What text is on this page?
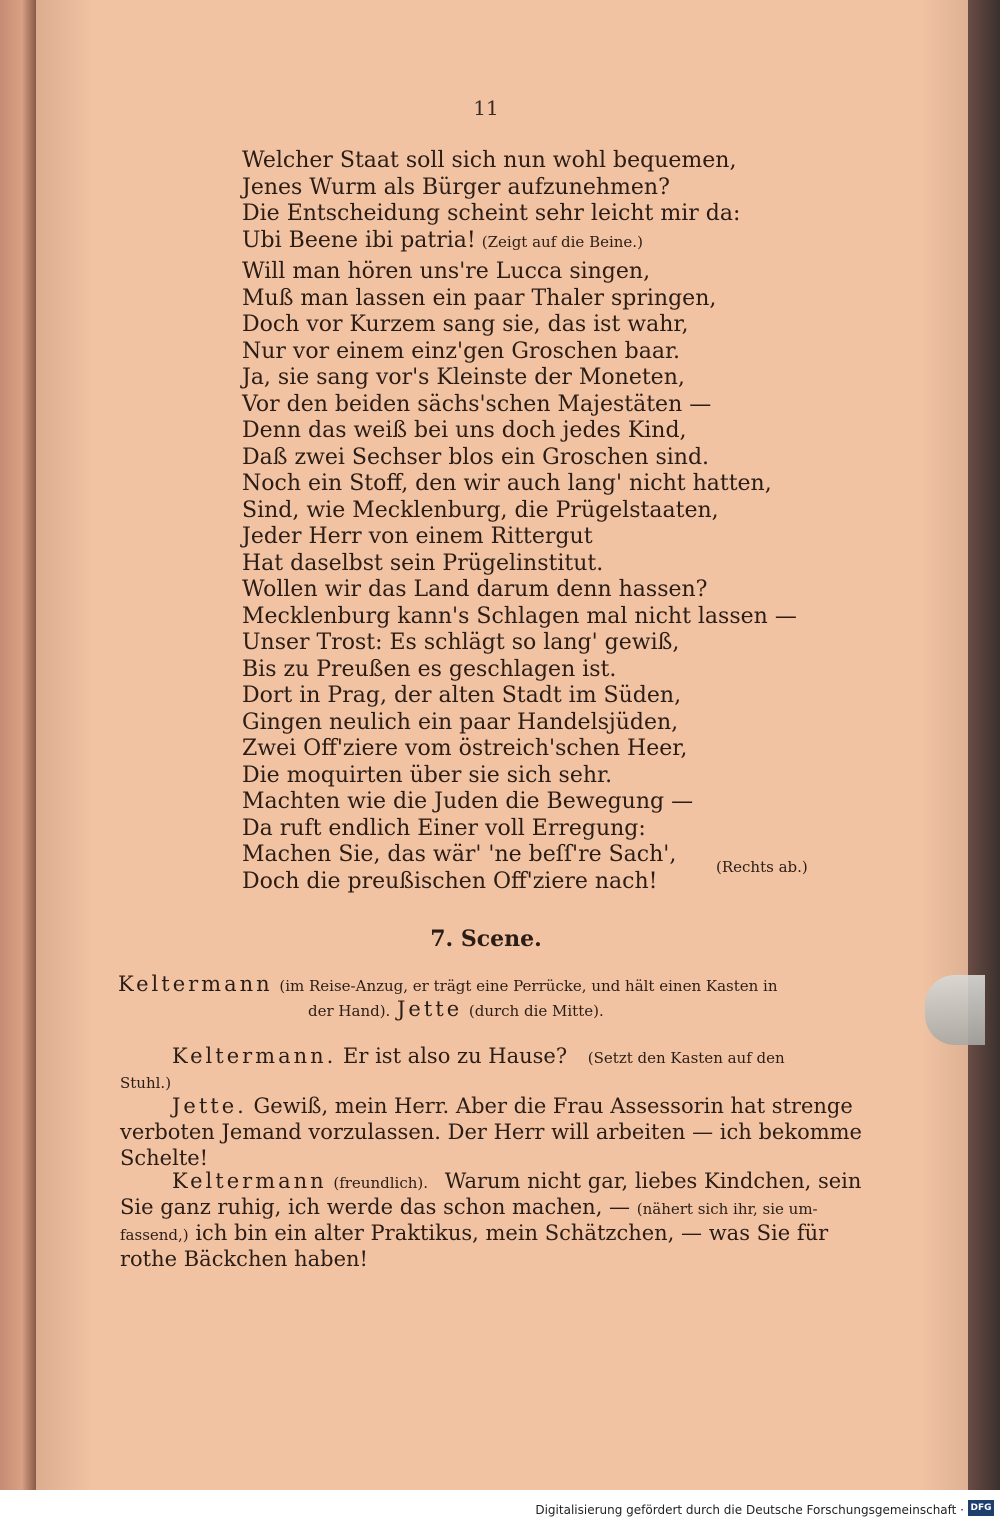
11
Welcher Staat soll sich nun wohl bequemen,
Jenes Wurm als Bürger aufzunehmen?
Die Entscheidung scheint sehr leicht mir da:
Ubi Beene ibi patria! (Zeigt auf die Beine.)
Will man hören uns're Lucca singen,
Muß man lassen ein paar Thaler springen,
Doch vor Kurzem sang sie, das ist wahr,
Nur vor einem einz'gen Groschen baar.
Ja, sie sang vor's Kleinste der Moneten,
Vor den beiden sächs'schen Majestäten —
Denn das weiß bei uns doch jedes Kind,
Daß zwei Sechser blos ein Groschen sind.
Noch ein Stoff, den wir auch lang' nicht hatten,
Sind, wie Mecklenburg, die Prügelstaaten,
Jeder Herr von einem Rittergut
Hat daselbst sein Prügelinstitut.
Wollen wir das Land darum denn hassen?
Mecklenburg kann's Schlagen mal nicht lassen —
Unser Trost: Es schlägt so lang' gewiß,
Bis zu Preußen es geschlagen ist.
Dort in Prag, der alten Stadt im Süden,
Gingen neulich ein paar Handelsjüden,
Zwei Off'ziere vom östreich'schen Heer,
Die moquirten über sie sich sehr.
Machten wie die Juden die Bewegung —
Da ruft endlich Einer voll Erregung:
Machen Sie, das wär' 'ne beſſ're Sach',
Doch die preußischen Off'ziere nach!
(Rechts ab.)
7. Scene.
Keltermann (im Reise-Anzug, er trägt eine Perrücke, und hält einen Kasten in
der Hand). Jette (durch die Mitte).
Keltermann. Er ist also zu Hause? (Setzt den Kasten auf den
Stuhl.)
Jette. Gewiß, mein Herr. Aber die Frau Assessorin hat strenge
verboten Jemand vorzulassen. Der Herr will arbeiten — ich bekomme
Schelte!
Keltermann (freundlich). Warum nicht gar, liebes Kindchen, sein
Sie ganz ruhig, ich werde das schon machen, — (nähert sich ihr, sie um-
fassend,) ich bin ein alter Praktikus, mein Schätzchen, — was Sie für
rothe Bäckchen haben!
Digitalisierung gefördert durch die Deutsche Forschungsgemeinschaft · DFG
